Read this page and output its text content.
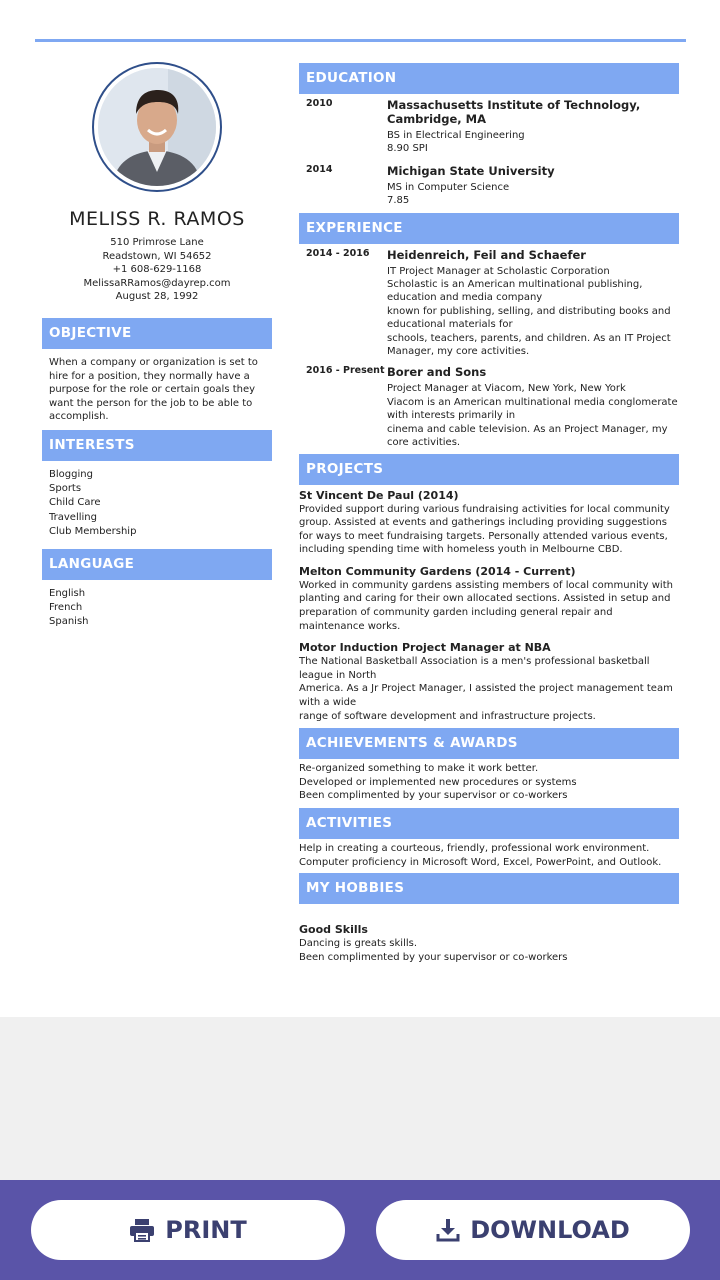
MELISS R. RAMOS
510 Primrose Lane
Readstown, WI 54652
+1 608-629-1168
MelissaRRamos@dayrep.com
August 28, 1992
OBJECTIVE
When a company or organization is set to hire for a position, they normally have a purpose for the role or certain goals they want the person for the job to be able to accomplish.
INTERESTS
Blogging
Sports
Child Care
Travelling
Club Membership
LANGUAGE
English
French
Spanish
EDUCATION
2010	Massachusetts Institute of Technology, Cambridge, MA
BS in Electrical Engineering
8.90 SPI
2014	Michigan State University
MS in Computer Science
7.85
EXPERIENCE
2014 - 2016	Heidenreich, Feil and Schaefer
IT Project Manager at Scholastic Corporation
Scholastic is an American multinational publishing, education and media company
known for publishing, selling, and distributing books and educational materials for
schools, teachers, parents, and children. As an IT Project Manager, my core activities.
2016 - Present Borer and Sons
Project Manager at Viacom, New York, New York
Viacom is an American multinational media conglomerate with interests primarily in
cinema and cable television. As an Project Manager, my core activities.
PROJECTS
St Vincent De Paul (2014)
Provided support during various fundraising activities for local community group. Assisted at events and gatherings including providing suggestions for ways to meet fundraising targets. Personally attended various events, including spending time with homeless youth in Melbourne CBD.
Melton Community Gardens (2014 - Current)
Worked in community gardens assisting members of local community with planting and caring for their own allocated sections. Assisted in setup and preparation of community garden including general repair and maintenance works.
Motor Induction Project Manager at NBA
The National Basketball Association is a men's professional basketball league in North
America. As a Jr Project Manager, I assisted the project management team with a wide
range of software development and infrastructure projects.
ACHIEVEMENTS & AWARDS
Re-organized something to make it work better.
Developed or implemented new procedures or systems
Been complimented by your supervisor or co-workers
ACTIVITIES
Help in creating a courteous, friendly, professional work environment.
Computer proficiency in Microsoft Word, Excel, PowerPoint, and Outlook.
MY HOBBIES
Good Skills
Dancing is greats skills.
Been complimented by your supervisor or co-workers
PRINT	DOWNLOAD
